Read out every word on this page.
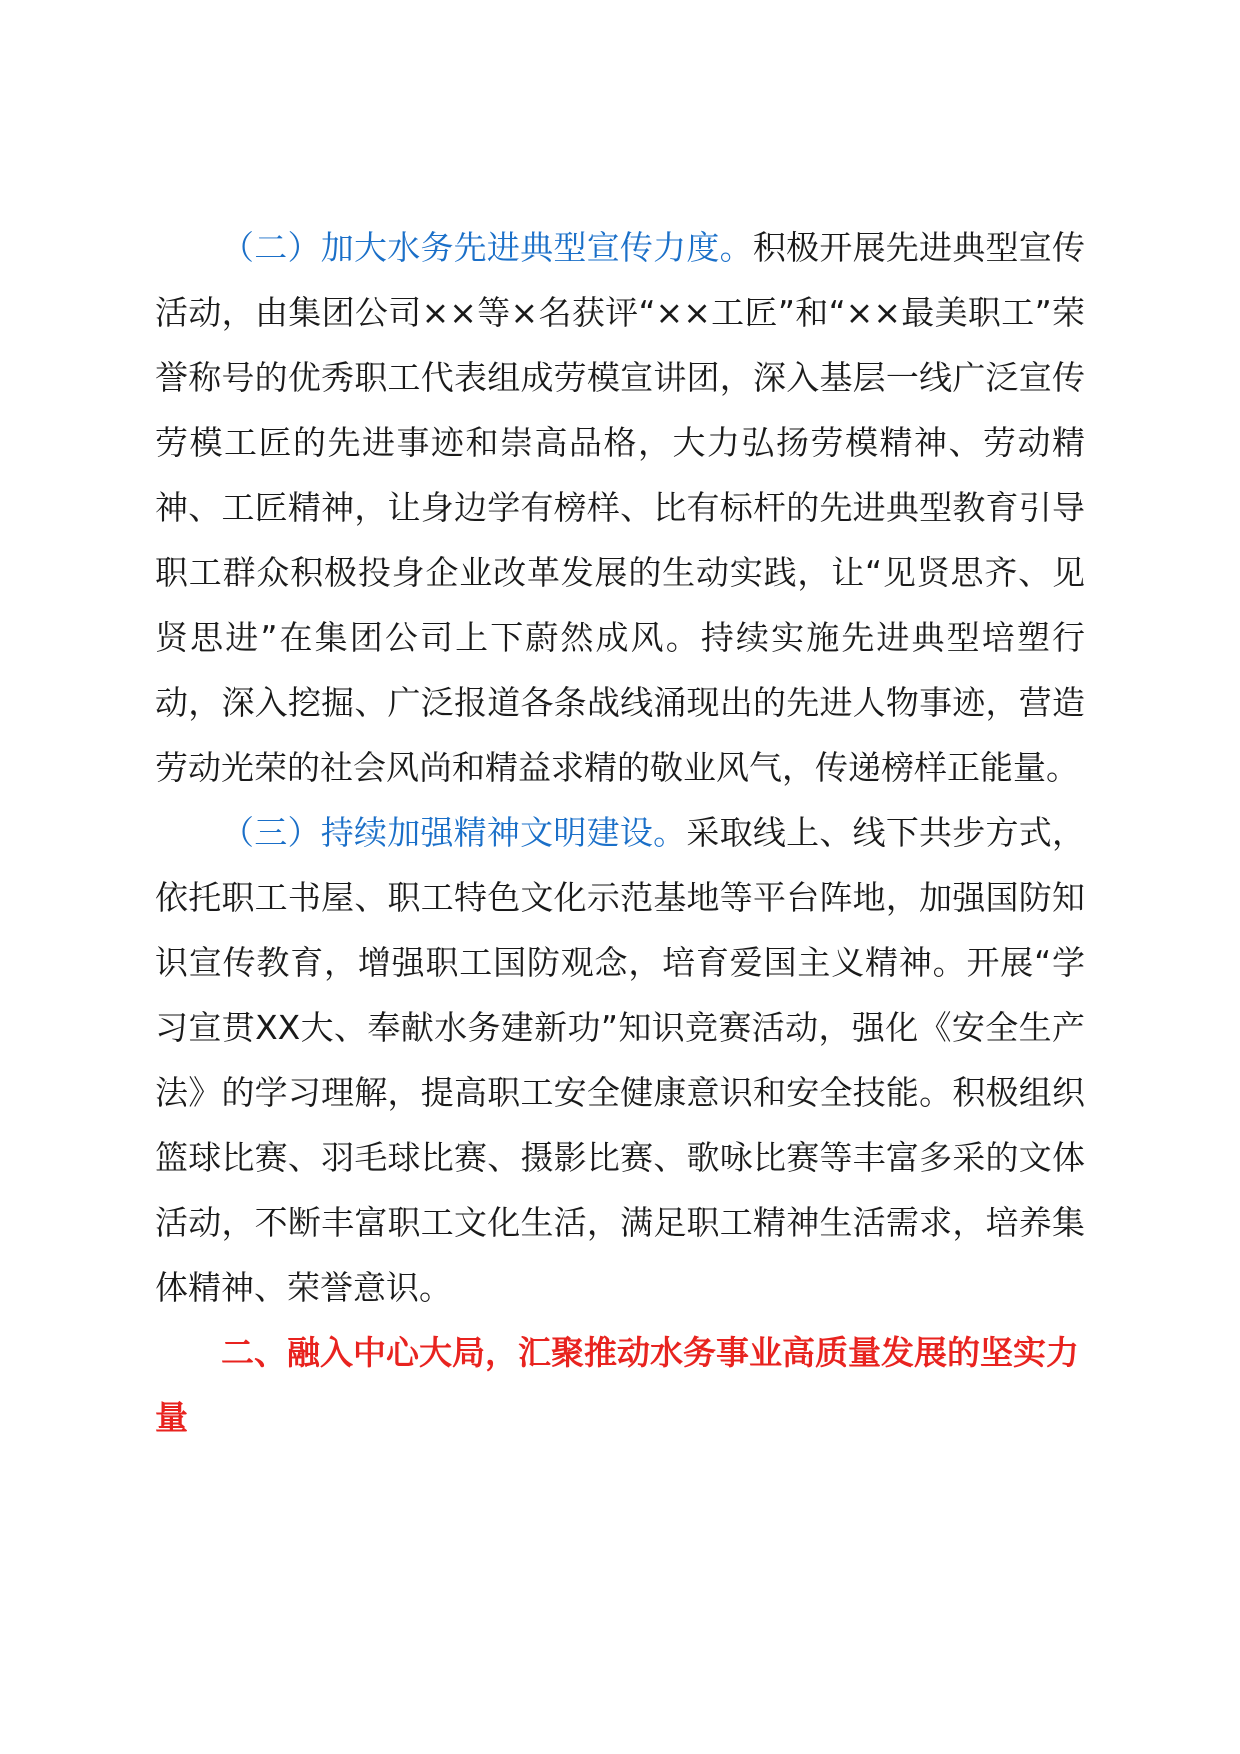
（二）加大水务先进典型宣传力度。积极开展先进典型宣传活动，由集团公司××等×名获评“××工匠”和“××最美职工”荣誉称号的优秀职工代表组成劳模宣讲团，深入基层一线广泛宣传劳模工匠的先进事迹和崇高品格，大力弘扬劳模精神、劳动精神、工匠精神，让身边学有榜样、比有标杆的先进典型教育引导职工群众积极投身企业改革发展的生动实践，让“见贤思齐、见贤思进”在集团公司上下蔚然成风。持续实施先进典型培塑行动，深入挖掘、广泛报道各条战线涌现出的先进人物事迹，营造劳动光荣的社会风尚和精益求精的敬业风气，传递榜样正能量。

（三）持续加强精神文明建设。采取线上、线下共步方式，依托职工书屋、职工特色文化示范基地等平台阵地，加强国防知识宣传教育，增强职工国防观念，培育爱国主义精神。开展“学习宣贯XX大、奉献水务建新功”知识竞赛活动，强化《安全生产法》的学习理解，提高职工安全健康意识和安全技能。积极组织篮球比赛、羽毛球比赛、摄影比赛、歌咏比赛等丰富多采的文体活动，不断丰富职工文化生活，满足职工精神生活需求，培养集体精神、荣誉意识。

二、融入中心大局，汇聚推动水务事业高质量发展的坚实力量
